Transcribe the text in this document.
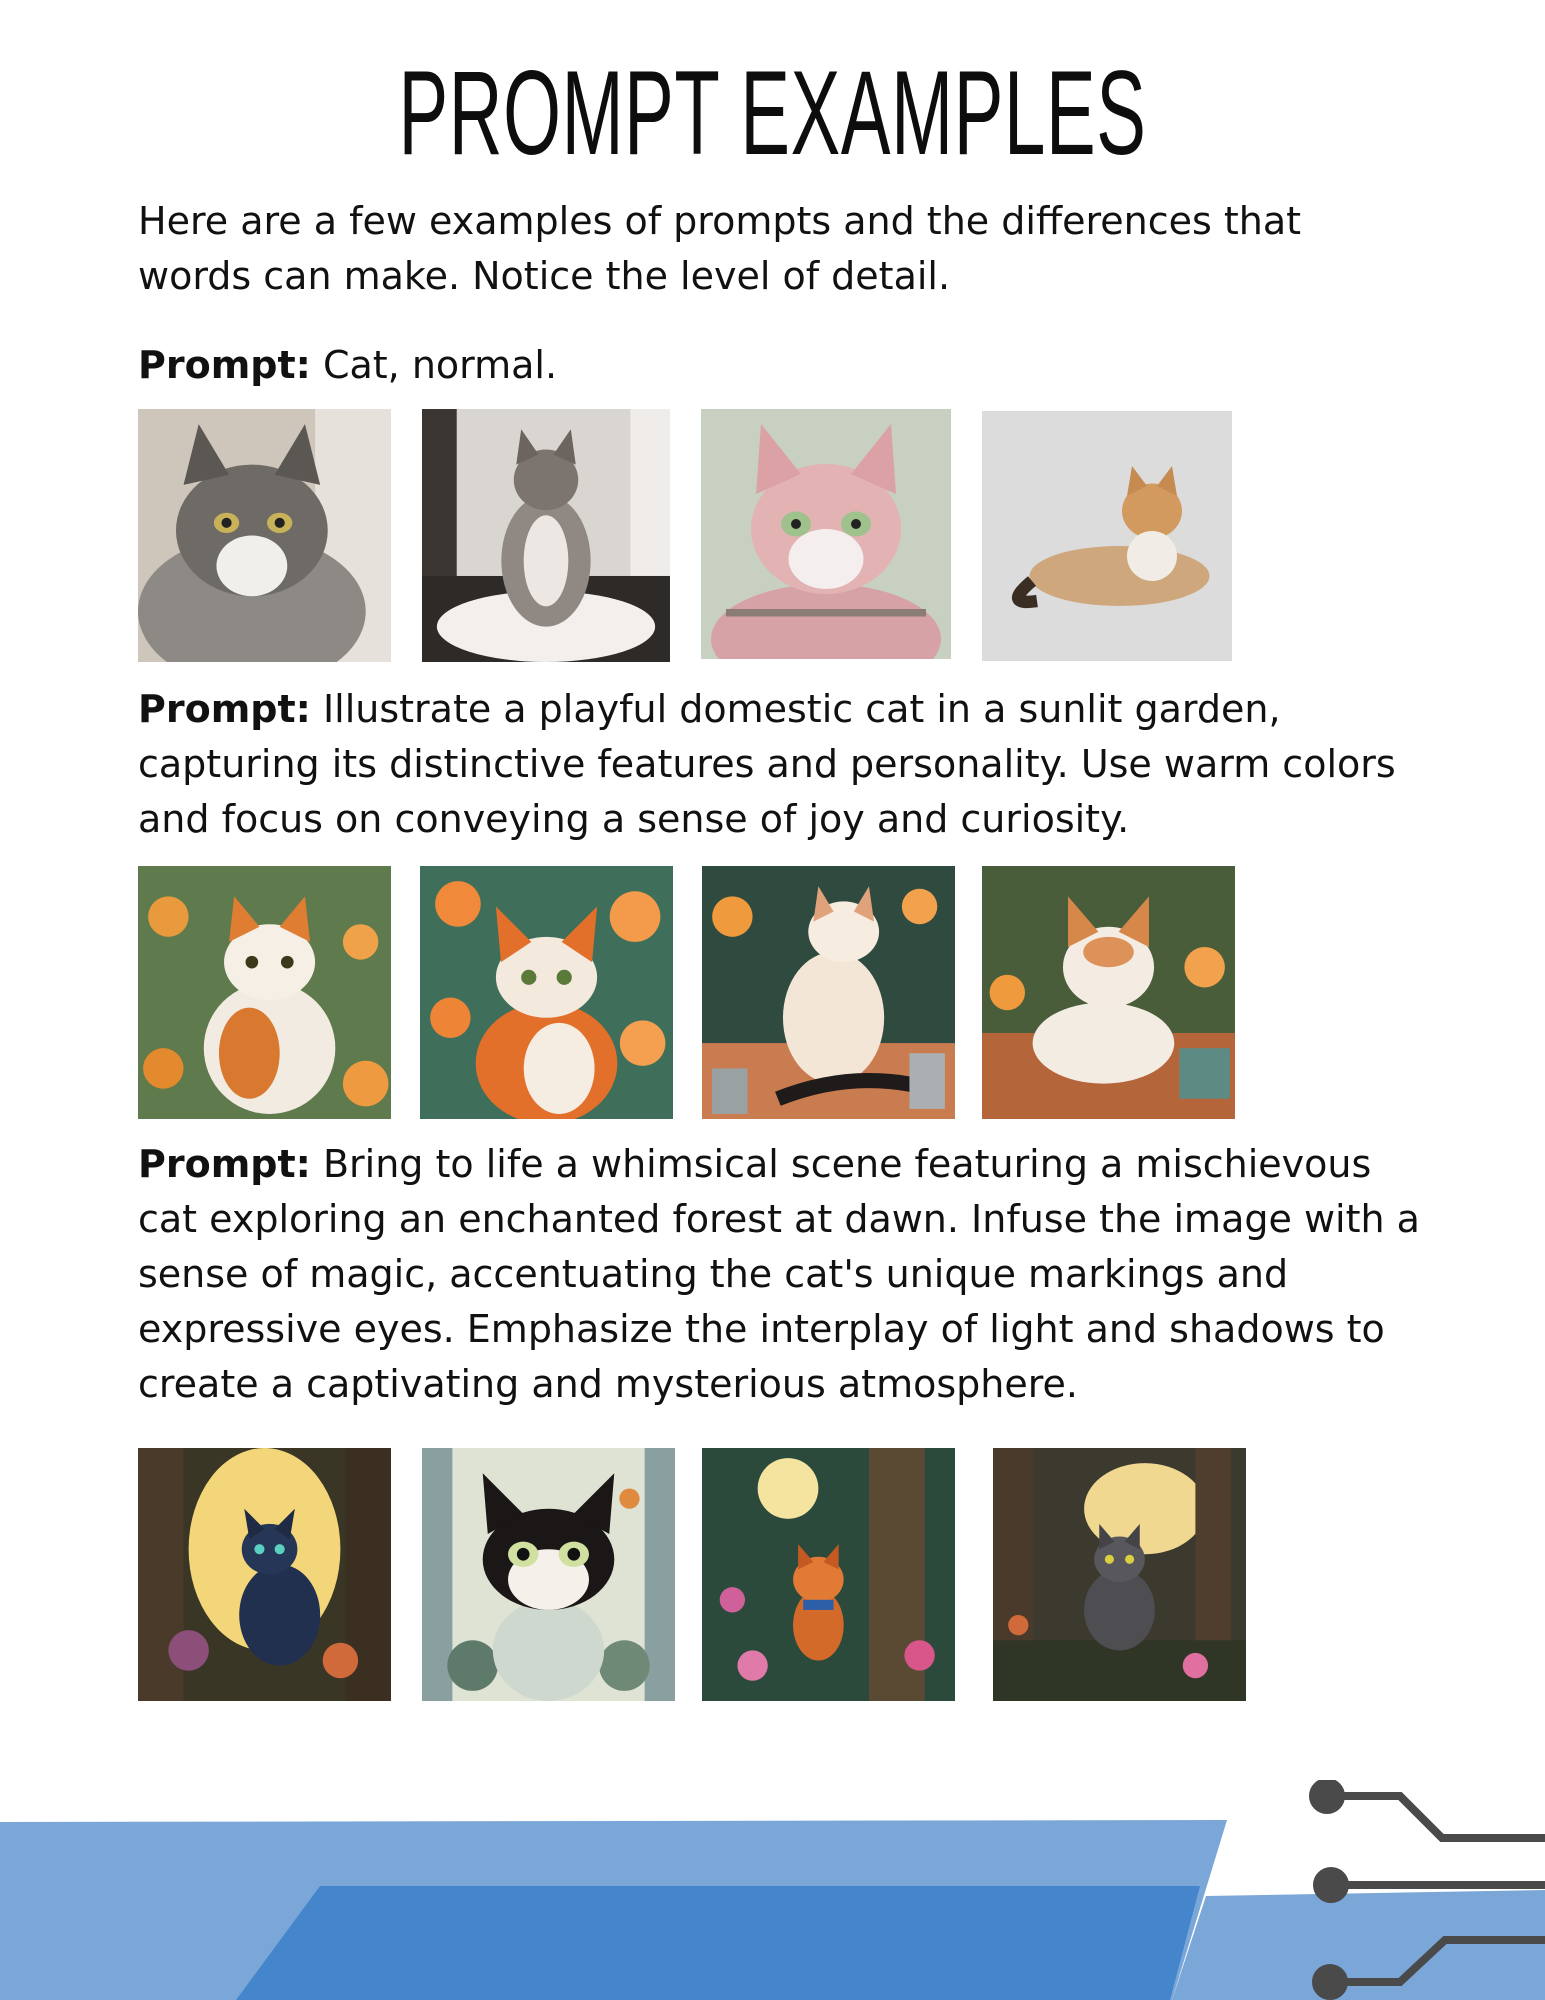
PROMPT EXAMPLES

Here are a few examples of prompts and the differences that words can make. Notice the level of detail.

Prompt: Cat, normal.

Prompt: Illustrate a playful domestic cat in a sunlit garden, capturing its distinctive features and personality. Use warm colors and focus on conveying a sense of joy and curiosity.

Prompt: Bring to life a whimsical scene featuring a mischievous cat exploring an enchanted forest at dawn. Infuse the image with a sense of magic, accentuating the cat's unique markings and expressive eyes. Emphasize the interplay of light and shadows to create a captivating and mysterious atmosphere.
